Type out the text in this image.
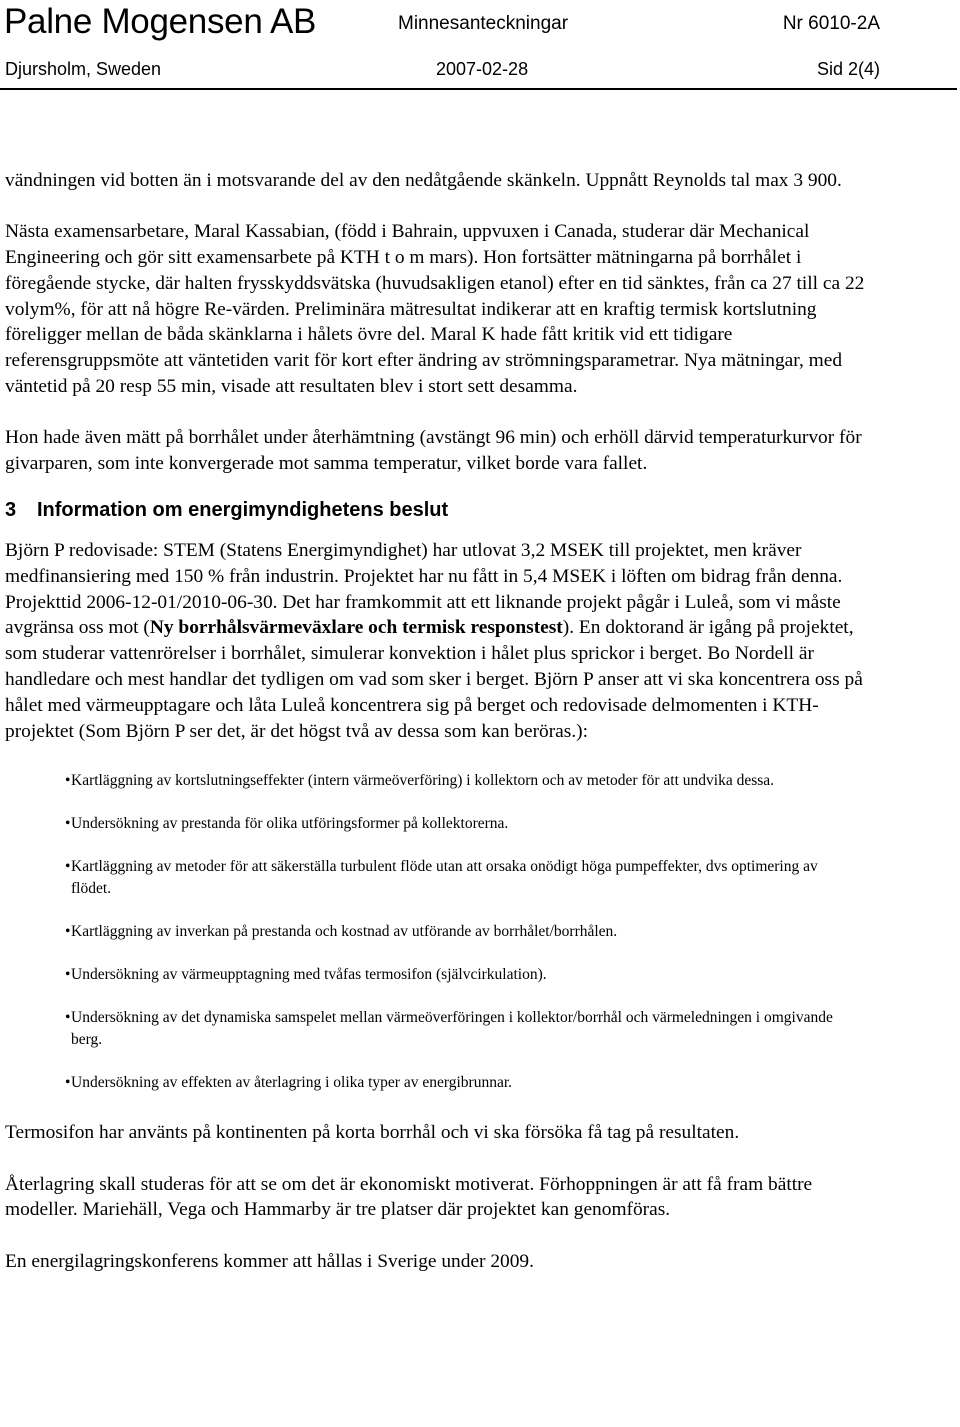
Palne Mogensen AB	Minnesanteckningar	Nr 6010-2A
Djursholm, Sweden	2007-02-28	Sid 2(4)

vändningen vid botten än i motsvarande del av den nedåtgående skänkeln. Uppnått Reynolds tal max 3 900.

Nästa examensarbetare, Maral Kassabian, (född i Bahrain, uppvuxen i Canada, studerar där Mechanical Engineering och gör sitt examensarbete på KTH t o m mars). Hon fortsätter mätningarna på borrhålet i föregående stycke, där halten frysskyddsvätska (huvudsakligen etanol) efter en tid sänktes, från ca 27 till ca 22 volym%, för att nå högre Re-värden. Preliminära mätresultat indikerar att en kraftig termisk kortslutning föreligger mellan de båda skänklarna i hålets övre del. Maral K hade fått kritik vid ett tidigare referensgruppsmöte att väntetiden varit för kort efter ändring av strömningsparametrar. Nya mätningar, med väntetid på 20 resp 55 min, visade att resultaten blev i stort sett desamma.

Hon hade även mätt på borrhålet under återhämtning (avstängt 96 min) och erhöll därvid temperaturkurvor för givarparen, som inte konvergerade mot samma temperatur, vilket borde vara fallet.

3 Information om energimyndighetens beslut

Björn P redovisade: STEM (Statens Energimyndighet) har utlovat 3,2 MSEK till projektet, men kräver medfinansiering med 150 % från industrin. Projektet har nu fått in 5,4 MSEK i löften om bidrag från denna. Projekttid 2006-12-01/2010-06-30. Det har framkommit att ett liknande projekt pågår i Luleå, som vi måste avgränsa oss mot (Ny borrhålsvärmeväxlare och termisk responstest). En doktorand är igång på projektet, som studerar vattenrörelser i borrhålet, simulerar konvektion i hålet plus sprickor i berget. Bo Nordell är handledare och mest handlar det tydligen om vad som sker i berget. Björn P anser att vi ska koncentrera oss på hålet med värmeupptagare och låta Luleå koncentrera sig på berget och redovisade delmomenten i KTH-projektet (Som Björn P ser det, är det högst två av dessa som kan beröras.):

•Kartläggning av kortslutningseffekter (intern värmeöverföring) i kollektorn och av metoder för att undvika dessa.
•Undersökning av prestanda för olika utföringsformer på kollektorerna.
•Kartläggning av metoder för att säkerställa turbulent flöde utan att orsaka onödigt höga pumpeffekter, dvs optimering av flödet.
•Kartläggning av inverkan på prestanda och kostnad av utförande av borrhålet/borrhålen.
•Undersökning av värmeupptagning med tvåfas termosifon (självcirkulation).
•Undersökning av det dynamiska samspelet mellan värmeöverföringen i kollektor/borrhål och värmeledningen i omgivande berg.
•Undersökning av effekten av återlagring i olika typer av energibrunnar.

Termosifon har använts på kontinenten på korta borrhål och vi ska försöka få tag på resultaten.

Återlagring skall studeras för att se om det är ekonomiskt motiverat. Förhoppningen är att få fram bättre modeller. Mariehäll, Vega och Hammarby är tre platser där projektet kan genomföras.

En energilagringskonferens kommer att hållas i Sverige under 2009.
